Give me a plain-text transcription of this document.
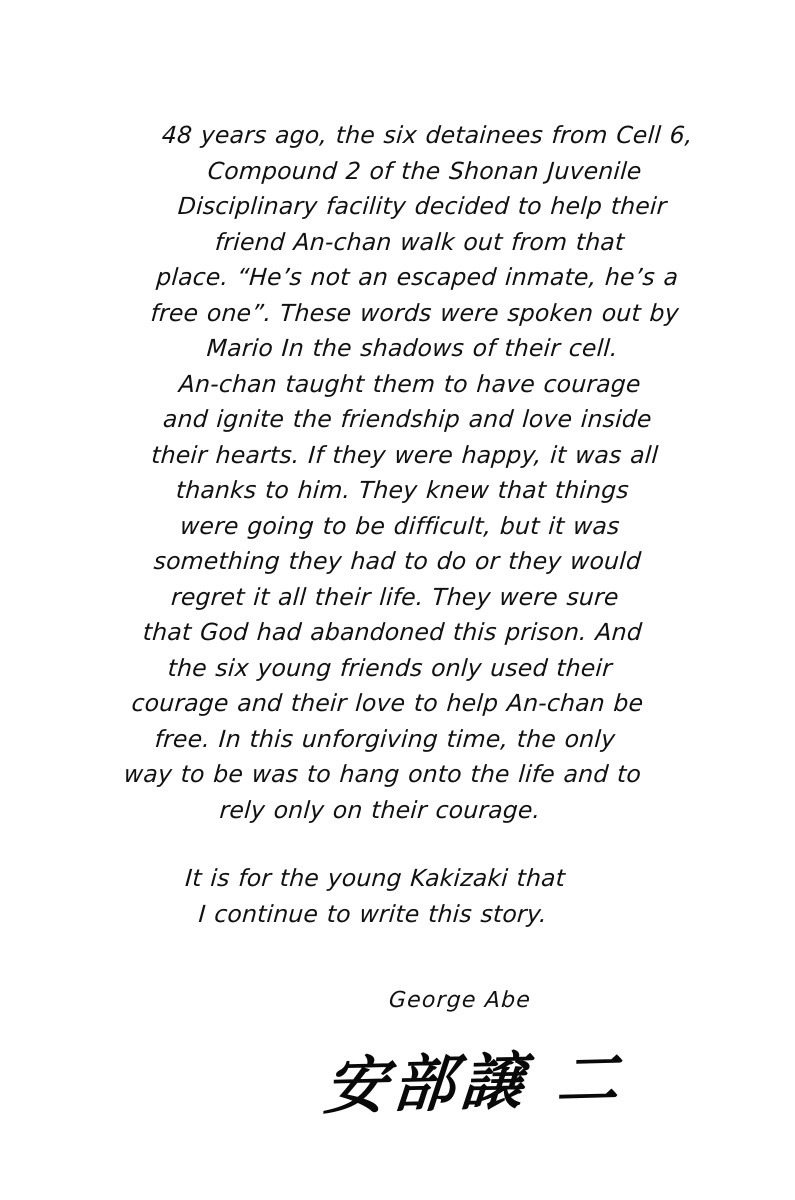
48 years ago, the six detainees from Cell 6,
Compound 2 of the Shonan Juvenile
Disciplinary facility decided to help their
friend An-chan walk out from that
place. “He’s not an escaped inmate, he’s a
free one”. These words were spoken out by
Mario In the shadows of their cell.
An-chan taught them to have courage
and ignite the friendship and love inside
their hearts. If they were happy, it was all
thanks to him. They knew that things
were going to be difficult, but it was
something they had to do or they would
regret it all their life. They were sure
that God had abandoned this prison. And
the six young friends only used their
courage and their love to help An-chan be
free. In this unforgiving time, the only
way to be was to hang onto the life and to
rely only on their courage.

It is for the young Kakizaki that
I continue to write this story.

George Abe
安部譲 二
